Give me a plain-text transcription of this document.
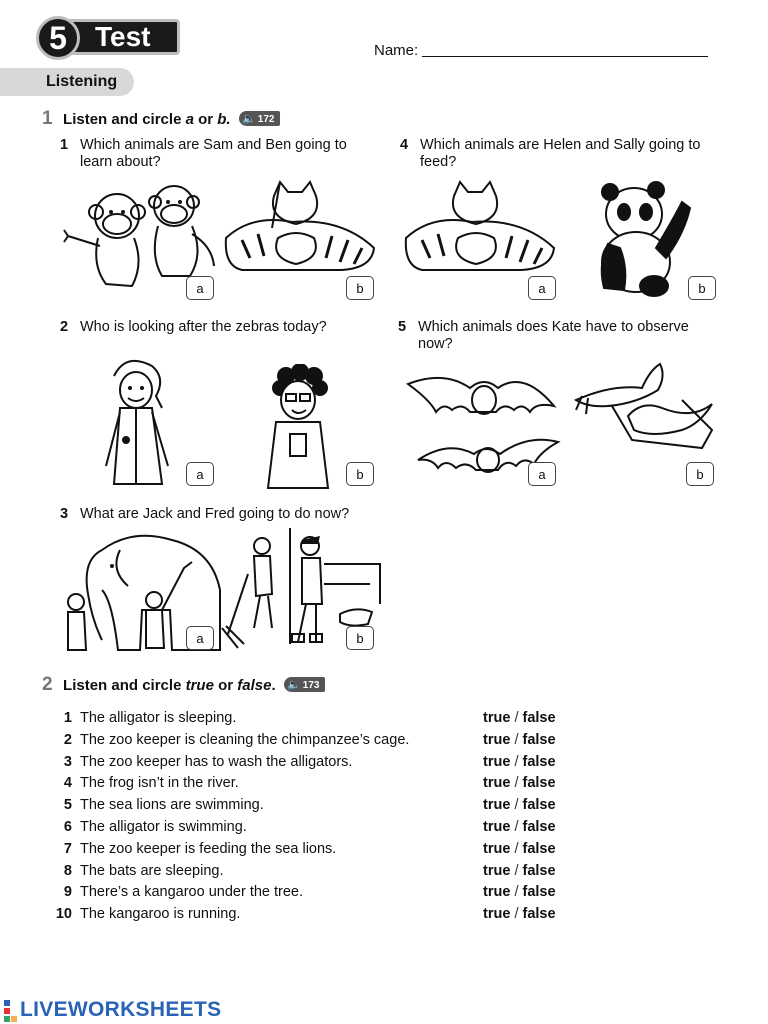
5	Test	Name:
Listening
1 Listen and circle a or b. 🔈 172
1 Which animals are Sam and Ben going to learn about?
a	b
4 Which animals are Helen and Sally going to feed?
a	b
2 Who is looking after the zebras today?
a	b
5 Which animals does Kate have to observe now?
a	b
3 What are Jack and Fred going to do now?
a	b
2 Listen and circle true or false. 🔈 173
1 The alligator is sleeping.	true / false
2 The zoo keeper is cleaning the chimpanzee’s cage.	true / false
3 The zoo keeper has to wash the alligators.	true / false
4 The frog isn’t in the river.	true / false
5 The sea lions are swimming.	true / false
6 The alligator is swimming.	true / false
7 The zoo keeper is feeding the sea lions.	true / false
8 The bats are sleeping.	true / false
9 There’s a kangaroo under the tree.	true / false
10 The kangaroo is running.	true / false
LIVEWORKSHEETS
